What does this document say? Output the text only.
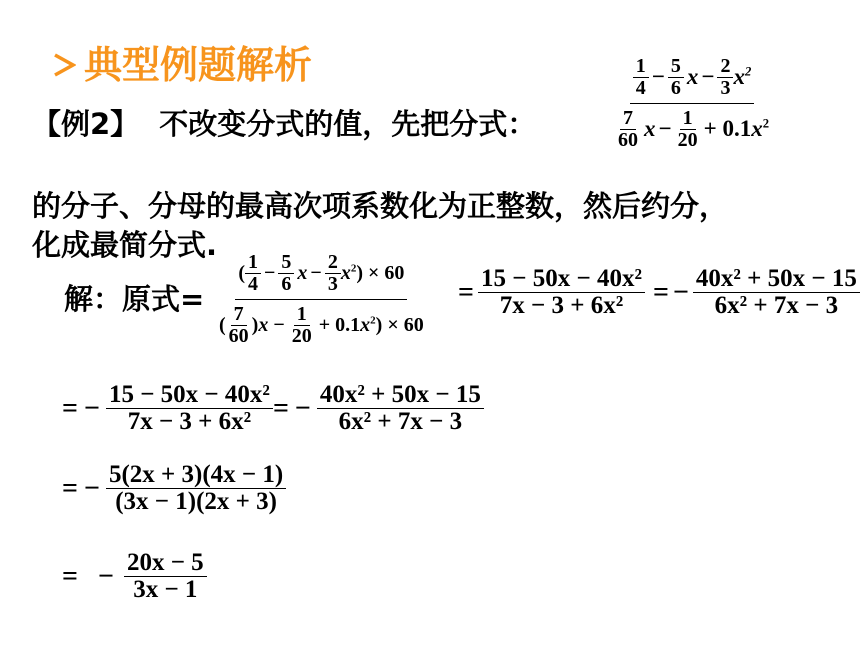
典型例题解析
【例2】 不改变分式的值，先把分式：	$\frac{\frac{1}{4} - \frac{5}{6} x - \frac{2}{3} x^2}{\frac{7}{60} x - \frac{1}{20} + 0.1x^2}$
的分子、分母的最高次项系数化为正整数，然后约分，
化成最简分式.
解：原式= $\frac{( \frac{1}{4} - \frac{5}{6} x - \frac{2}{3} x^2) \times 60}{( \frac{7}{60} )x - \frac{1}{20} + 0.1x^2) \times 60} = \frac{\text{15 − 50x − 40x²}}{\text{7x − 3 + 6x²}}$ = − $\frac{\text{40x² + 50x − 15}}{\text{6x² + 7x − 3}}$
= − $\frac{\text{15 − 50x − 40x²}}{\text{7x − 3 + 6x²}}$ = − $\frac{\text{40x² + 50x − 15}}{\text{6x² + 7x − 3}}$
= − $\frac{5(2x + 3)(4x - 1)}{(3x - 1)(2x + 3)}$
= − $\frac{20x - 5}{3x - 1}$
